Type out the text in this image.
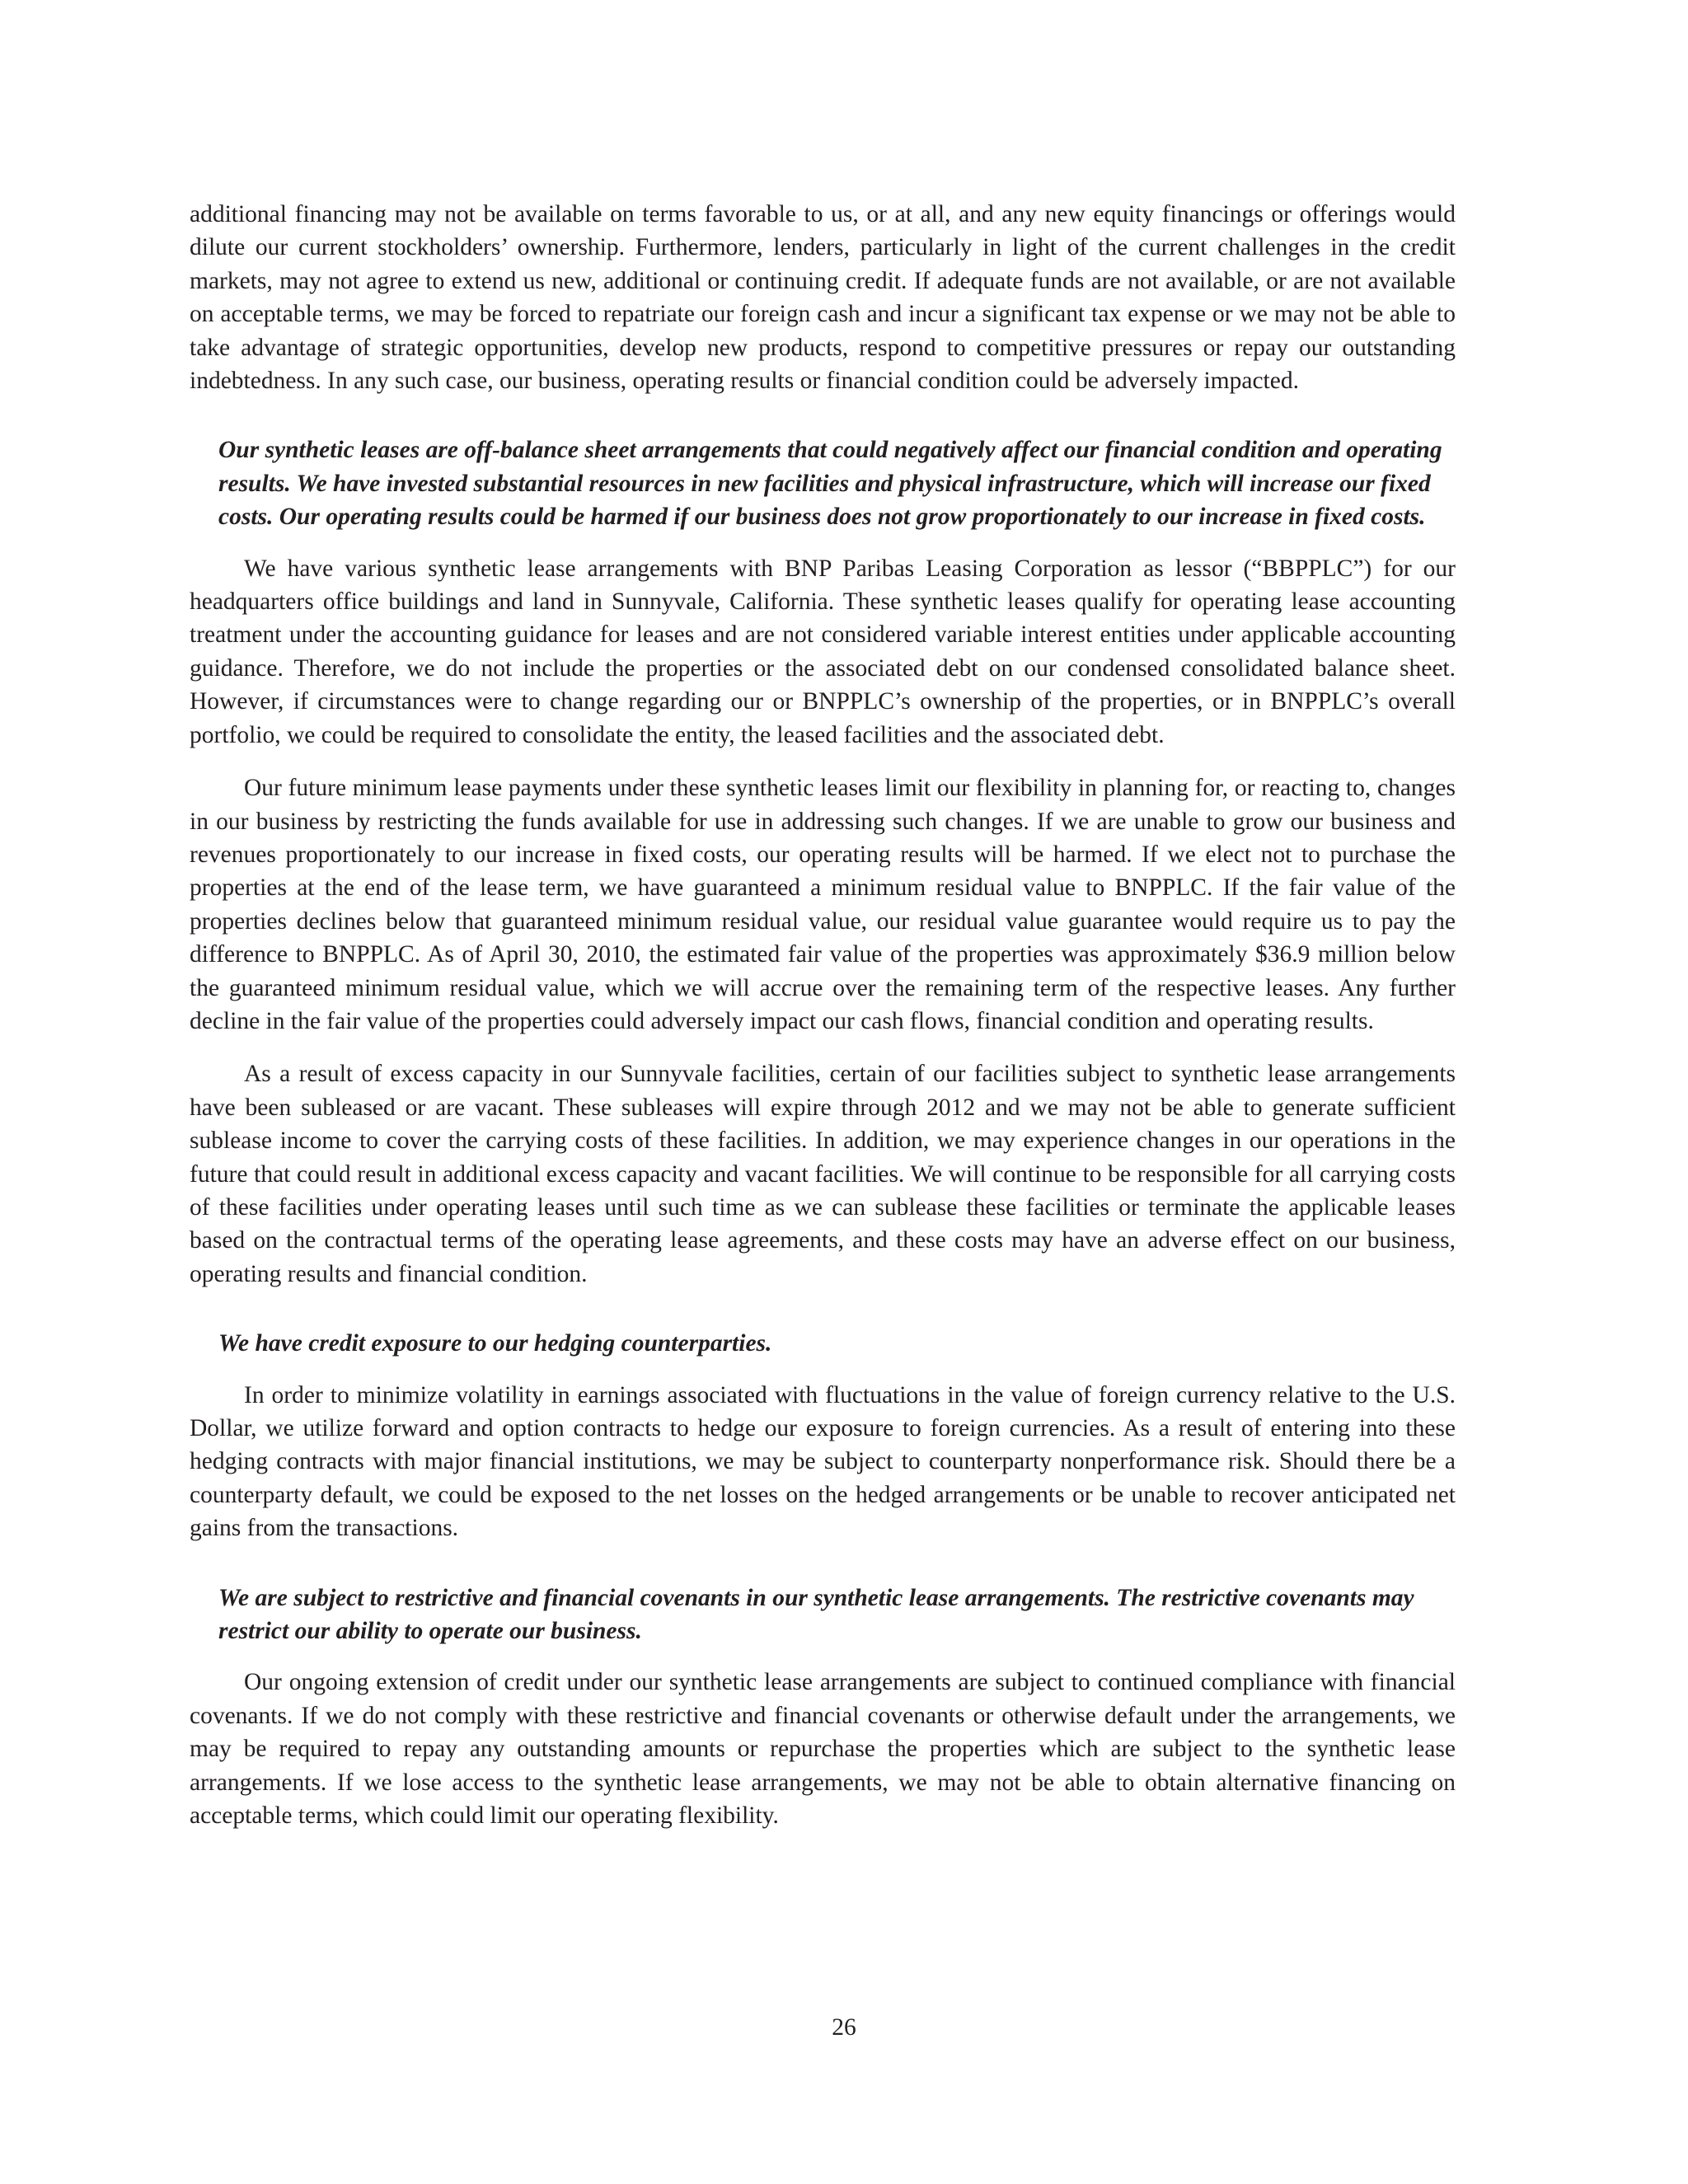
additional financing may not be available on terms favorable to us, or at all, and any new equity financings or offerings would dilute our current stockholders’ ownership. Furthermore, lenders, particularly in light of the current challenges in the credit markets, may not agree to extend us new, additional or continuing credit. If adequate funds are not available, or are not available on acceptable terms, we may be forced to repatriate our foreign cash and incur a significant tax expense or we may not be able to take advantage of strategic opportunities, develop new products, respond to competitive pressures or repay our outstanding indebtedness. In any such case, our business, operating results or financial condition could be adversely impacted.

Our synthetic leases are off-balance sheet arrangements that could negatively affect our financial condition and operating results. We have invested substantial resources in new facilities and physical infrastructure, which will increase our fixed costs. Our operating results could be harmed if our business does not grow proportionately to our increase in fixed costs.

We have various synthetic lease arrangements with BNP Paribas Leasing Corporation as lessor (“BBPPLC”) for our headquarters office buildings and land in Sunnyvale, California. These synthetic leases qualify for operating lease accounting treatment under the accounting guidance for leases and are not considered variable interest entities under applicable accounting guidance. Therefore, we do not include the properties or the associated debt on our condensed consolidated balance sheet. However, if circumstances were to change regarding our or BNPPLC’s ownership of the properties, or in BNPPLC’s overall portfolio, we could be required to consolidate the entity, the leased facilities and the associated debt.

Our future minimum lease payments under these synthetic leases limit our flexibility in planning for, or reacting to, changes in our business by restricting the funds available for use in addressing such changes. If we are unable to grow our business and revenues proportionately to our increase in fixed costs, our operating results will be harmed. If we elect not to purchase the properties at the end of the lease term, we have guaranteed a minimum residual value to BNPPLC. If the fair value of the properties declines below that guaranteed minimum residual value, our residual value guarantee would require us to pay the difference to BNPPLC. As of April 30, 2010, the estimated fair value of the properties was approximately $36.9 million below the guaranteed minimum residual value, which we will accrue over the remaining term of the respective leases. Any further decline in the fair value of the properties could adversely impact our cash flows, financial condition and operating results.

As a result of excess capacity in our Sunnyvale facilities, certain of our facilities subject to synthetic lease arrangements have been subleased or are vacant. These subleases will expire through 2012 and we may not be able to generate sufficient sublease income to cover the carrying costs of these facilities. In addition, we may experience changes in our operations in the future that could result in additional excess capacity and vacant facilities. We will continue to be responsible for all carrying costs of these facilities under operating leases until such time as we can sublease these facilities or terminate the applicable leases based on the contractual terms of the operating lease agreements, and these costs may have an adverse effect on our business, operating results and financial condition.

We have credit exposure to our hedging counterparties.

In order to minimize volatility in earnings associated with fluctuations in the value of foreign currency relative to the U.S. Dollar, we utilize forward and option contracts to hedge our exposure to foreign currencies. As a result of entering into these hedging contracts with major financial institutions, we may be subject to counterparty nonperformance risk. Should there be a counterparty default, we could be exposed to the net losses on the hedged arrangements or be unable to recover anticipated net gains from the transactions.

We are subject to restrictive and financial covenants in our synthetic lease arrangements. The restrictive covenants may restrict our ability to operate our business.

Our ongoing extension of credit under our synthetic lease arrangements are subject to continued compliance with financial covenants. If we do not comply with these restrictive and financial covenants or otherwise default under the arrangements, we may be required to repay any outstanding amounts or repurchase the properties which are subject to the synthetic lease arrangements. If we lose access to the synthetic lease arrangements, we may not be able to obtain alternative financing on acceptable terms, which could limit our operating flexibility.

26
